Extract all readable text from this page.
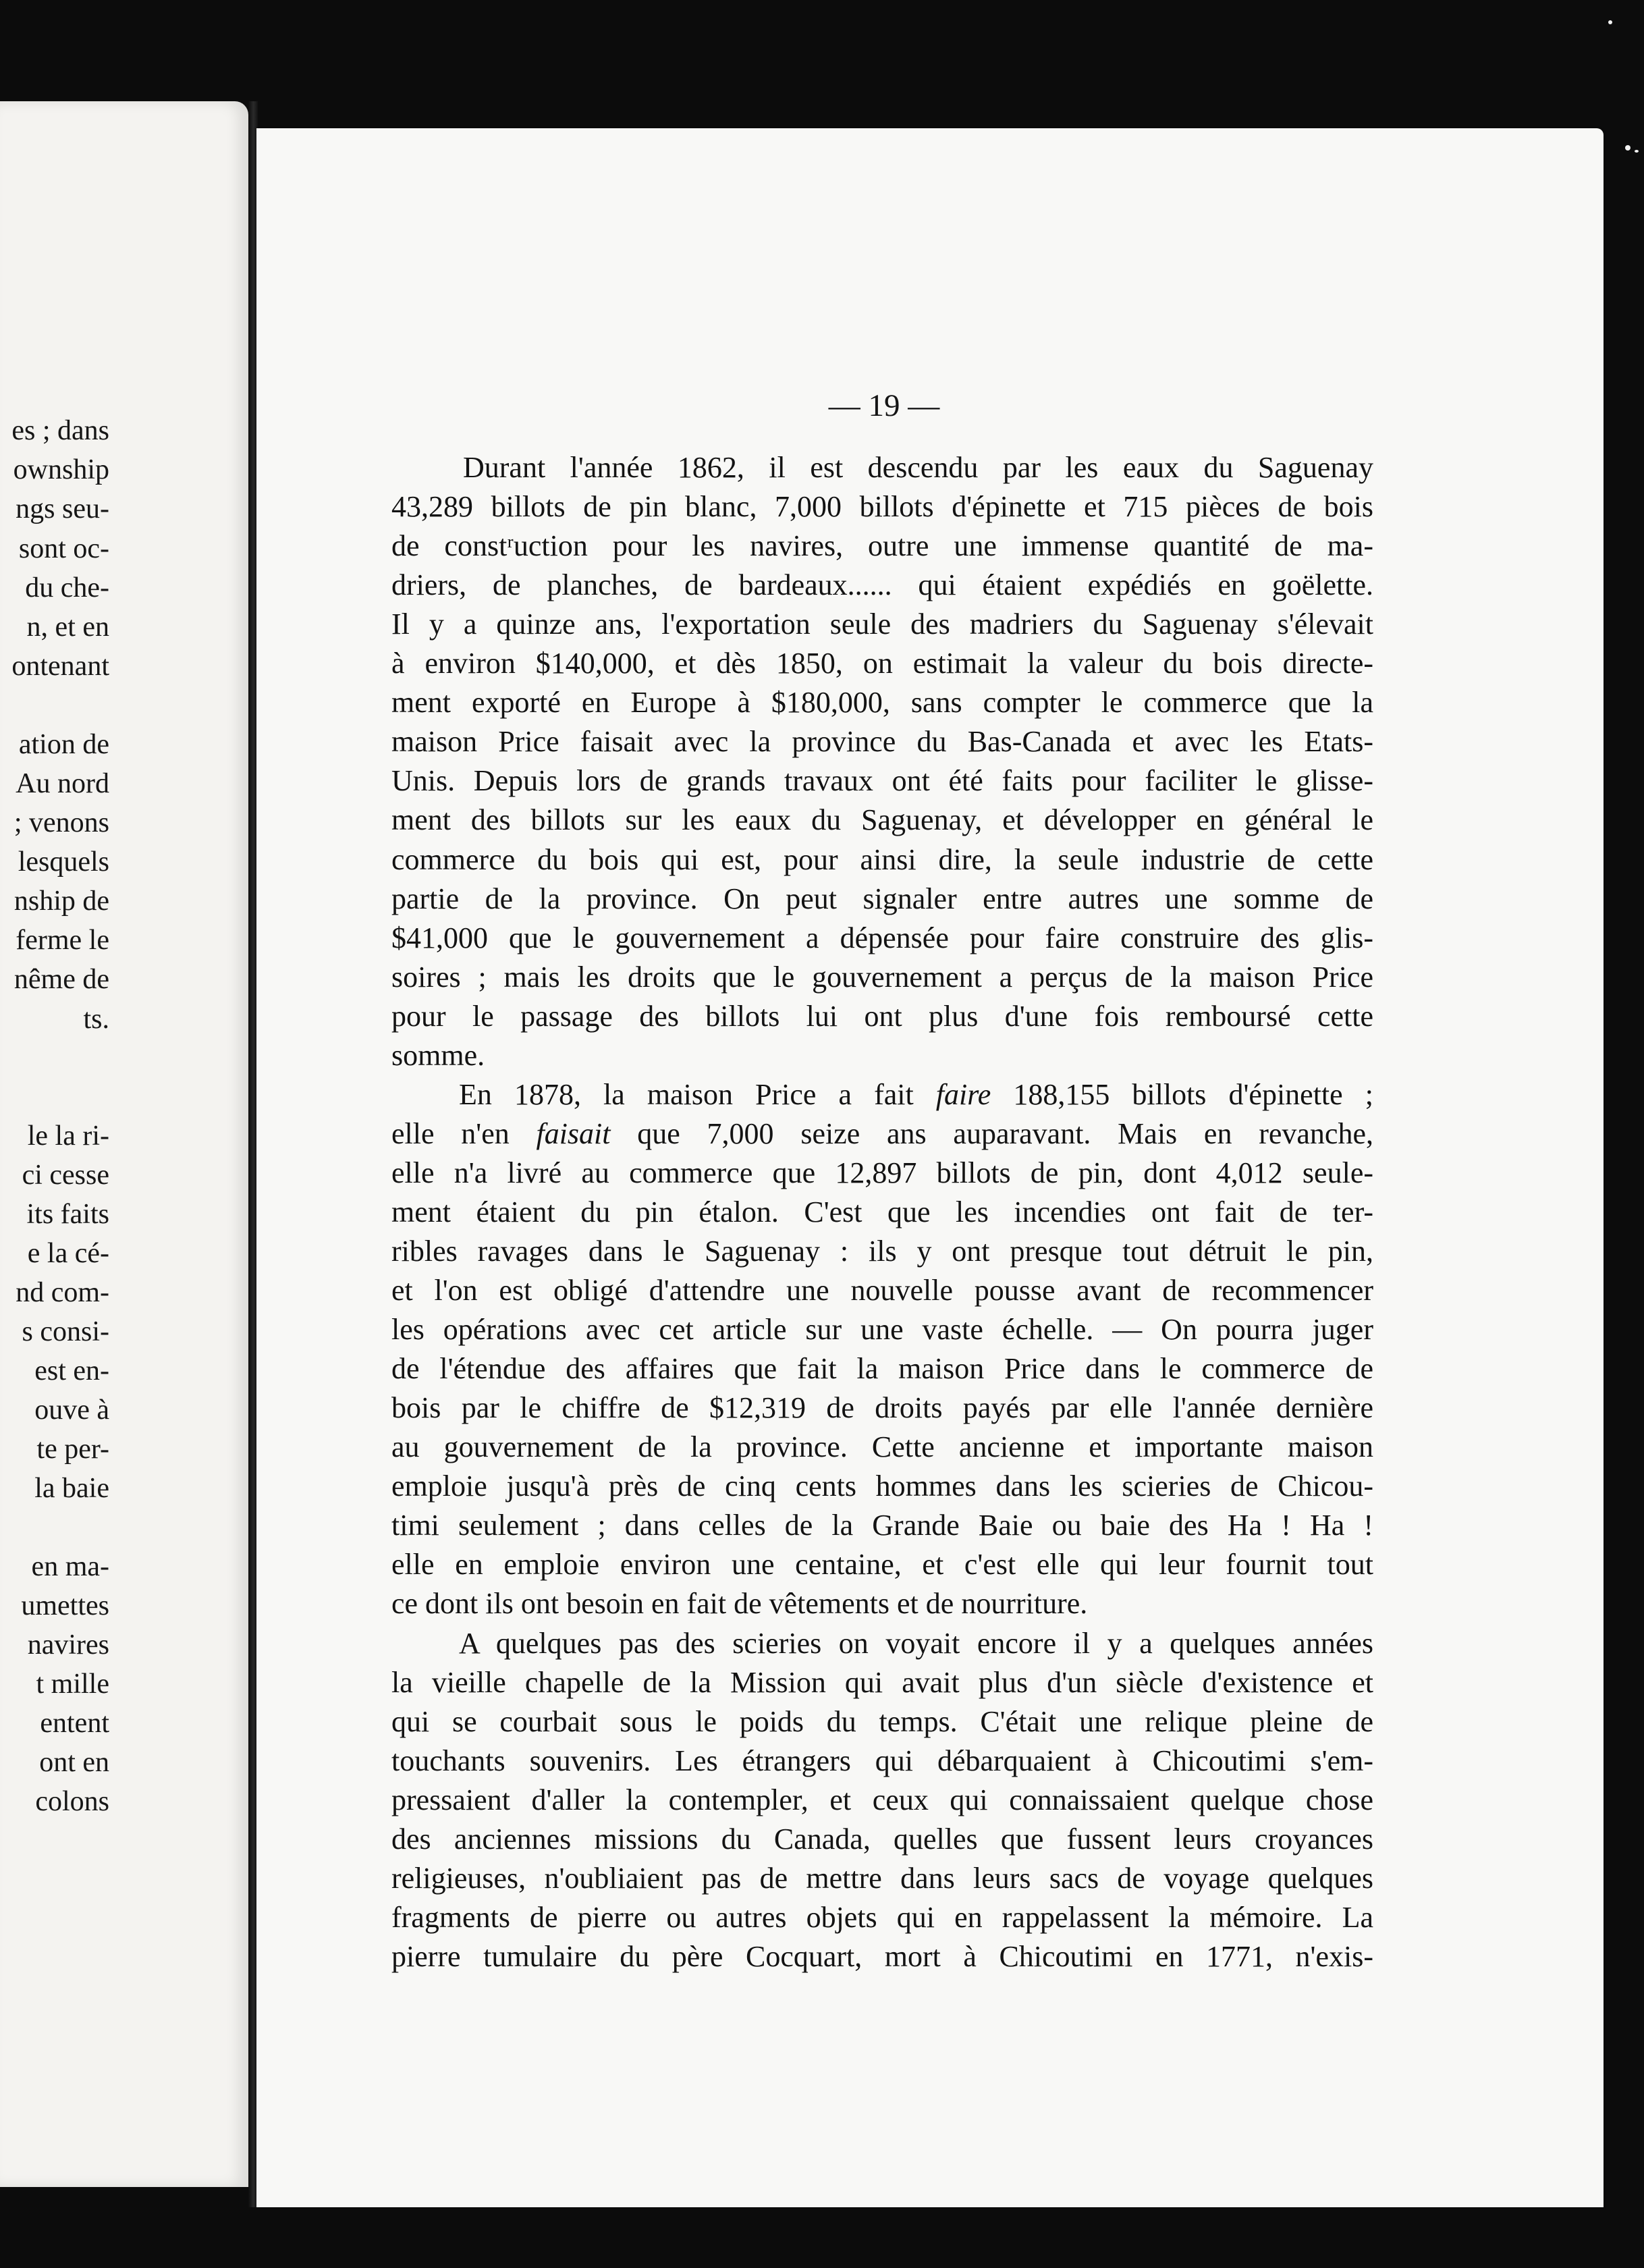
es ; dans
ownship
ngs seu-
sont oc-
du che-
n, et en
ontenant
ation de
Au nord
; venons
lesquels
nship de
ferme le
nême de
ts.
le la ri-
ci cesse
its faits
e la cé-
nd com-
s consi-
est en-
ouve à
te per-
la baie
en ma-
umettes
navires
t mille
entent
ont en
colons
— 19 —
Durant l'année 1862, il est descendu par les eaux du Saguenay
43,289 billots de pin blanc, 7,000 billots d'épinette et 715 pièces de bois
de constʳuction pour les navires, outre une immense quantité de ma-
driers, de planches, de bardeaux...... qui étaient expédiés en goëlette.
Il y a quinze ans, l'exportation seule des madriers du Saguenay s'élevait
à environ $140,000, et dès 1850, on estimait la valeur du bois directe-
ment exporté en Europe à $180,000, sans compter le commerce que la
maison Price faisait avec la province du Bas-Canada et avec les Etats-
Unis. Depuis lors de grands travaux ont été faits pour faciliter le glisse-
ment des billots sur les eaux du Saguenay, et développer en général le
commerce du bois qui est, pour ainsi dire, la seule industrie de cette
partie de la province. On peut signaler entre autres une somme de
$41,000 que le gouvernement a dépensée pour faire construire des glis-
soires ; mais les droits que le gouvernement a perçus de la maison Price
pour le passage des billots lui ont plus d'une fois remboursé cette
somme.
En 1878, la maison Price a fait faire 188,155 billots d'épinette ;
elle n'en faisait que 7,000 seize ans auparavant. Mais en revanche,
elle n'a livré au commerce que 12,897 billots de pin, dont 4,012 seule-
ment étaient du pin étalon. C'est que les incendies ont fait de ter-
ribles ravages dans le Saguenay : ils y ont presque tout détruit le pin,
et l'on est obligé d'attendre une nouvelle pousse avant de recommencer
les opérations avec cet article sur une vaste échelle. — On pourra juger
de l'étendue des affaires que fait la maison Price dans le commerce de
bois par le chiffre de $12,319 de droits payés par elle l'année dernière
au gouvernement de la province. Cette ancienne et importante maison
emploie jusqu'à près de cinq cents hommes dans les scieries de Chicou-
timi seulement ; dans celles de la Grande Baie ou baie des Ha ! Ha !
elle en emploie environ une centaine, et c'est elle qui leur fournit tout
ce dont ils ont besoin en fait de vêtements et de nourriture.
A quelques pas des scieries on voyait encore il y a quelques années
la vieille chapelle de la Mission qui avait plus d'un siècle d'existence et
qui se courbait sous le poids du temps. C'était une relique pleine de
touchants souvenirs. Les étrangers qui débarquaient à Chicoutimi s'em-
pressaient d'aller la contempler, et ceux qui connaissaient quelque chose
des anciennes missions du Canada, quelles que fussent leurs croyances
religieuses, n'oubliaient pas de mettre dans leurs sacs de voyage quelques
fragments de pierre ou autres objets qui en rappelassent la mémoire. La
pierre tumulaire du père Cocquart, mort à Chicoutimi en 1771, n'exis-
